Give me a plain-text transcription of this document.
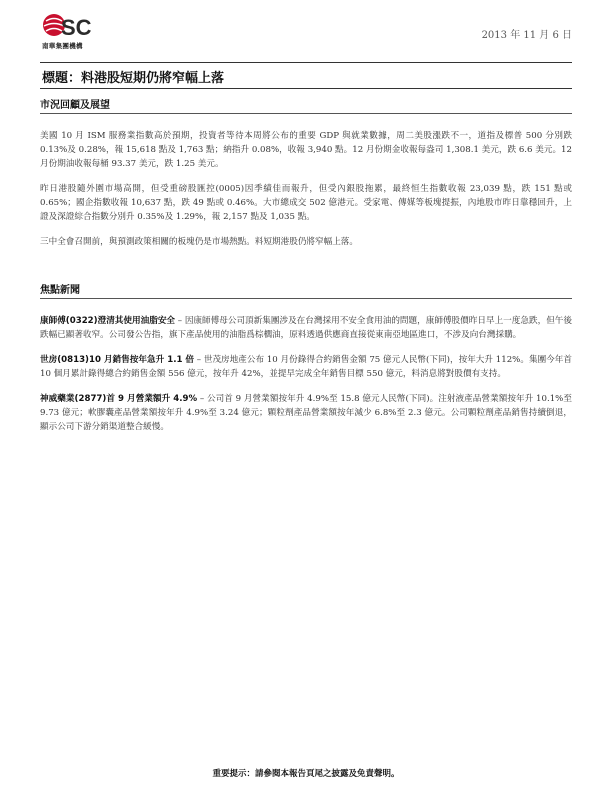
SC
南華集團機構
2013 年 11 月 6 日
標題：料港股短期仍將窄幅上落
市況回顧及展望

美國 10 月 ISM 服務業指數高於預期，投資者等待本周將公布的重要 GDP 與就業數據，周二美股漲跌不一，道指及標普 500 分別跌 0.13%及 0.28%，報 15,618 點及 1,763 點；納指升 0.08%，收報 3,940 點。12 月份期金收報每盎司 1,308.1 美元，跌 6.6 美元。12 月份期油收報每桶 93.37 美元，跌 1.25 美元。

昨日港股隨外圍市場高開，但受重磅股匯控(0005)因季績佳而報升，但受內銀股拖累，最終恒生指數收報 23,039 點，跌 151 點或 0.65%；國企指數收報 10,637 點，跌 49 點或 0.46%。大市總成交 502 億港元。受家電、傳媒等板塊提振，內地股市昨日靠穩回升，上證及深證綜合指數分別升 0.35%及 1.29%，報 2,157 點及 1,035 點。

三中全會召開前，與預測政策相關的板塊仍是市場熱點。料短期港股仍將窄幅上落。

焦點新聞

康師傅(0322)澄清其使用油脂安全 – 因康師傅母公司頂新集團涉及在台灣採用不安全食用油的問題，康師傅股價昨日早上一度急跌，但午後跌幅已顯著收窄。公司發公告指，旗下產品使用的油脂爲棕櫚油，原料透過供應商直接從東南亞地區進口，不涉及向台灣採購。

世房(0813)10 月銷售按年急升 1.1 倍 – 世茂房地產公布 10 月份錄得合約銷售金額 75 億元人民幣(下同)，按年大升 112%。集團今年首 10 個月累計錄得總合約銷售金額 556 億元，按年升 42%，並提早完成全年銷售目標 550 億元，料消息將對股價有支持。

神威藥業(2877)首 9 月營業額升 4.9% – 公司首 9 月營業額按年升 4.9%至 15.8 億元人民幣(下同)。注射液產品營業額按年升 10.1%至 9.73 億元；軟膠囊產品營業額按年升 4.9%至 3.24 億元；顆粒劑產品營業額按年減少 6.8%至 2.3 億元。公司顆粒劑產品銷售持續倒退，顯示公司下游分銷渠道整合緩慢。

重要提示：請參閱本報告頁尾之披露及免責聲明。
